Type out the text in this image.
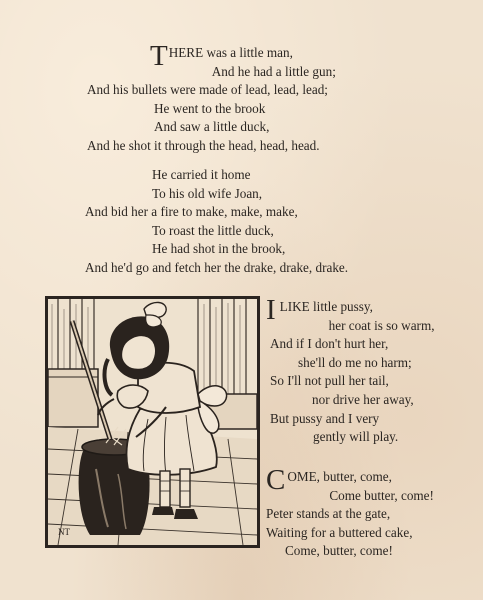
THERE was a little man,
And he had a little gun;
And his bullets were made of lead, lead, lead;
He went to the brook
And saw a little duck,
And he shot it through the head, head, head.
He carried it home
To his old wife Joan,
And bid her a fire to make, make, make,
To roast the little duck,
He had shot in the brook,
And he'd go and fetch her the drake, drake, drake.
NT
ILIKE little pussy,
her coat is so warm,
And if I don't hurt her,
she'll do me no harm;
So I'll not pull her tail,
nor drive her away,
But pussy and I very
gently will play.
COME, butter, come,
Come butter, come!
Peter stands at the gate,
Waiting for a buttered cake,
Come, butter, come!
